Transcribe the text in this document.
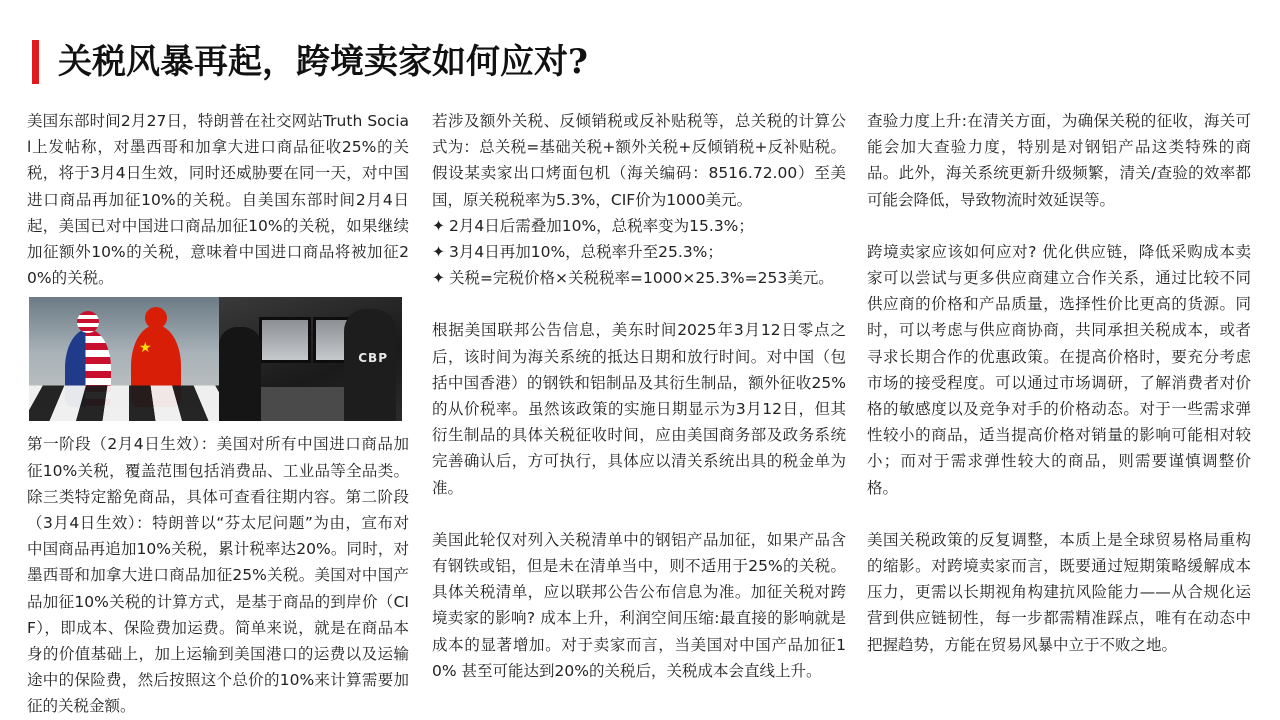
关税风暴再起，跨境卖家如何应对?

美国东部时间2月27日，特朗普在社交网站Truth Social上发帖称，对墨西哥和加拿大进口商品征收25%的关税，将于3月4日生效，同时还威胁要在同一天，对中国进口商品再加征10%的关税。自美国东部时间2月4日起，美国已对中国进口商品加征10%的关税，如果继续加征额外10%的关税，意味着中国进口商品将被加征20%的关税。

★
CBP

第一阶段（2月4日生效）：美国对所有中国进口商品加征10%关税，覆盖范围包括消费品、工业品等全品类。除三类特定豁免商品，具体可查看往期内容。第二阶段（3月4日生效）：特朗普以“芬太尼问题”为由，宣布对中国商品再追加10%关税，累计税率达20%。同时，对墨西哥和加拿大进口商品加征25%关税。美国对中国产品加征10%关税的计算方式，是基于商品的到岸价（CIF），即成本、保险费加运费。简单来说，就是在商品本身的价值基础上，加上运输到美国港口的运费以及运输途中的保险费，然后按照这个总价的10%来计算需要加征的关税金额。

若涉及额外关税、反倾销税或反补贴税等，总关税的计算公式为：总关税=基础关税+额外关税+反倾销税+反补贴税。假设某卖家出口烤面包机（海关编码：8516.72.00）至美国，原关税税率为5.3%，CIF价为1000美元。

✦ 2月4日后需叠加10%，总税率变为15.3%；
✦ 3月4日再加10%，总税率升至25.3%；
✦ 关税=完税价格×关税税率=1000×25.3%=253美元。

根据美国联邦公告信息，美东时间2025年3月12日零点之后，该时间为海关系统的抵达日期和放行时间。对中国（包括中国香港）的钢铁和铝制品及其衍生制品，额外征收25%的从价税率。虽然该政策的实施日期显示为3月12日，但其衍生制品的具体关税征收时间，应由美国商务部及政务系统完善确认后，方可执行，具体应以清关系统出具的税金单为准。

美国此轮仅对列入关税清单中的钢铝产品加征，如果产品含有钢铁或铝，但是未在清单当中，则不适用于25%的关税。具体关税清单，应以联邦公告公布信息为准。加征关税对跨境卖家的影响? 成本上升，利润空间压缩:最直接的影响就是成本的显著增加。对于卖家而言，当美国对中国产品加征10% 甚至可能达到20%的关税后，关税成本会直线上升。

查验力度上升:在清关方面，为确保关税的征收，海关可能会加大查验力度，特别是对钢铝产品这类特殊的商品。此外，海关系统更新升级频繁，清关/查验的效率都可能会降低，导致物流时效延误等。

跨境卖家应该如何应对? 优化供应链，降低采购成本卖家可以尝试与更多供应商建立合作关系，通过比较不同供应商的价格和产品质量，选择性价比更高的货源。同时，可以考虑与供应商协商，共同承担关税成本，或者寻求长期合作的优惠政策。在提高价格时，要充分考虑市场的接受程度。可以通过市场调研，了解消费者对价格的敏感度以及竞争对手的价格动态。对于一些需求弹性较小的商品，适当提高价格对销量的影响可能相对较小；而对于需求弹性较大的商品，则需要谨慎调整价格。

美国关税政策的反复调整，本质上是全球贸易格局重构的缩影。对跨境卖家而言，既要通过短期策略缓解成本压力，更需以长期视角构建抗风险能力——从合规化运营到供应链韧性，每一步都需精准踩点，唯有在动态中把握趋势，方能在贸易风暴中立于不败之地。
